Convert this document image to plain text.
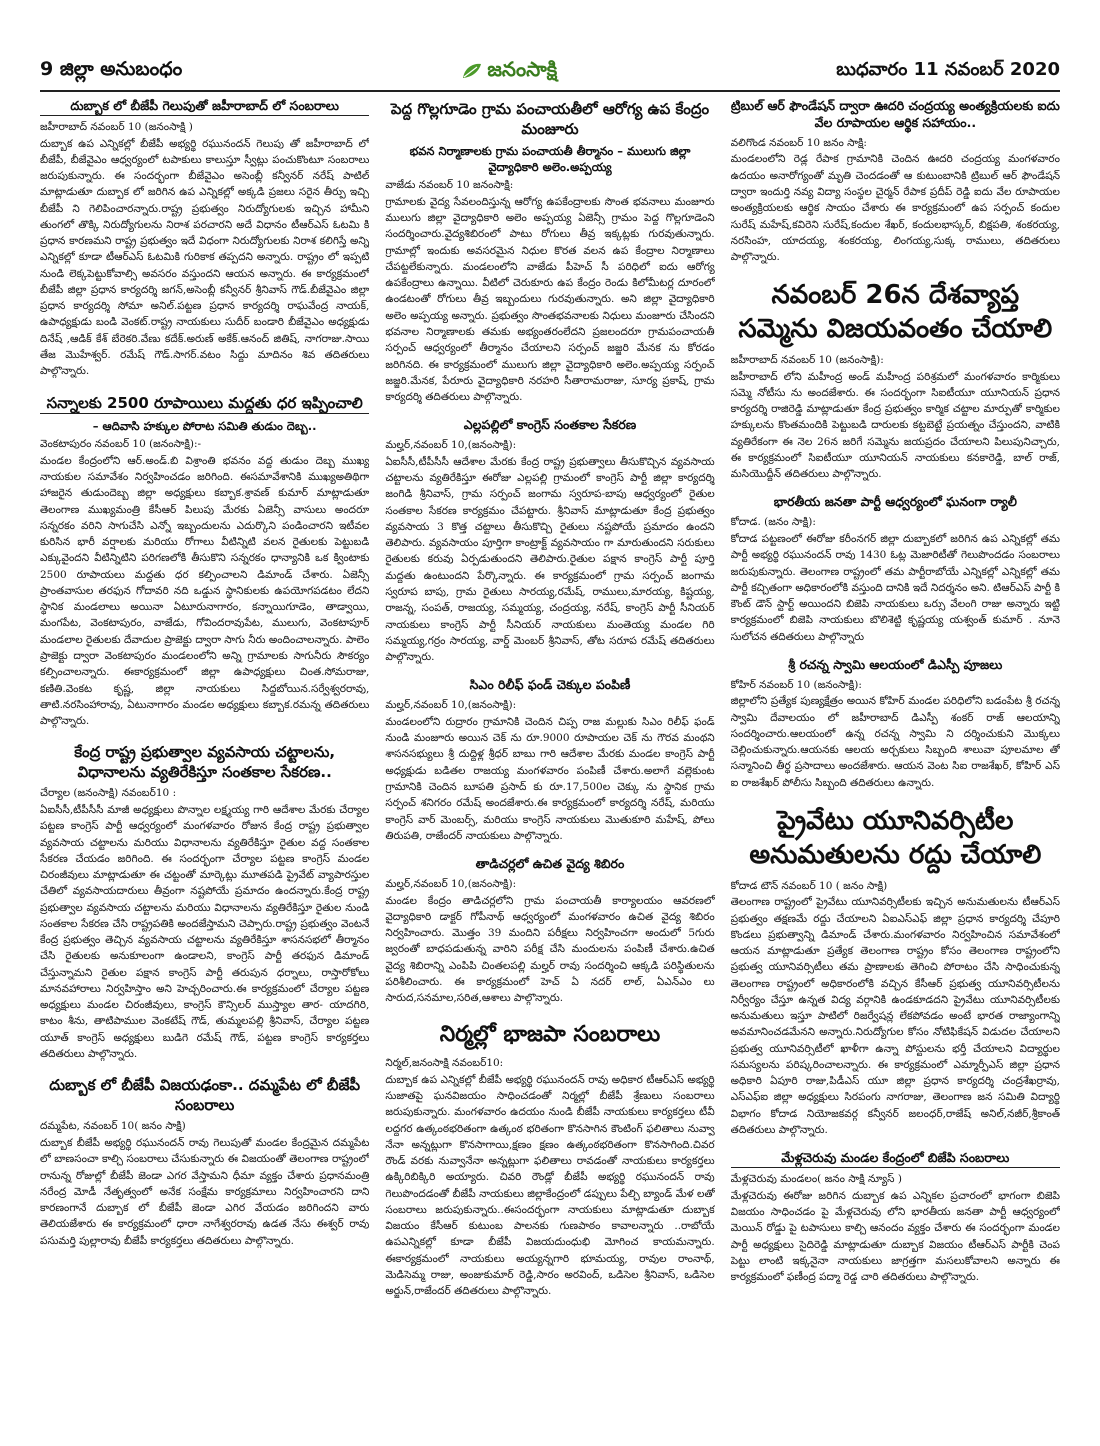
9 జిల్లా అనుబంధం	జనంసాక్షి	బుధవారం 11 నవంబర్ 2020
దుబ్బాక లో బీజేపీ గెలుపుతో జహీరాబాద్ లో సంబరాలు

జహీరాబాద్ నవంబర్ 10 (జనంసాక్షి )

దుబ్బాక ఉప ఎన్నికల్లో బీజేపీ అభ్యర్థి రఘునందన్ గెలుపు తో జహీరాబాద్ లో బీజేపీ, బీజేవైఎం ఆధ్వర్యంలో టపాకులు కాలుస్తూ స్వీట్లు పంచుకొంటూ సంబరాలు జరుపుకున్నారు. ఈ సందర్భంగా బీజేవైఎం అసెంబ్లీ కన్వీనర్ నరేష్ పాటిల్ మాట్లాడుతూ దుబ్బాక లో జరిగిన ఉప ఎన్నికల్లో అక్కడి ప్రజలు సరైన తీర్పు ఇచ్చి బీజేపీ ని గెలిపించారన్నారు.రాష్ట్ర ప్రభుత్వం నిరుద్యోగులకు ఇచ్చిన హామీని తుంగలో తొక్కి నిరుద్యోగులను నిరాశ పరచారని అదే విధానం టీఆర్ఎస్ ఓటమి కి ప్రధాన కారణమని రాష్ట్ర ప్రభుత్వం ఇదే విధంగా నిరుద్యోగులకు నిరాశ కలిగిస్తే అన్ని ఎన్నికల్లో కూడా టీఆర్ఎస్ ఓటమికి గురికాక తప్పదని అన్నారు. రాష్ట్రం లో ఇప్పటి నుండి లెక్కపెట్టుకోవాల్సి అవసరం వస్తుందని ఆయన అన్నారు. ఈ కార్యక్రమంలో బీజేపీ జిల్లా ప్రధాన కార్యదర్శి జగన్,అసెంబ్లీ కన్వీనర్ శ్రీనివాస్ గౌడ్.బీజేవైఎం జిల్లా ప్రధాన కార్యదర్శి సోమా అనిల్.పట్టణ ప్రధాన కార్యదర్శి రాఘవేంద్ర నాయక్, ఉపాధ్యక్షుడు బండి వెంకట్.రాష్ట్ర నాయకులు సుదీర్ బండారి బీజేవైఎం అధ్యక్షుడు దినేష్ ,ఆడిక్ కేశ్ బేరెకరి.వేణు కదేక్.అరుణ్ అకేక్.ఆనంద్ జితిష్, నాగరాజు.సాయి తేజ మొహేశ్వర్. రమేష్ గౌడ్.సాగర్.వటం సిద్దు మాదినం శివ తదితరులు పాల్గొన్నారు.

సన్నాలకు 2500 రూపాయిలు మద్దతు ధర ఇప్పించాలి
– ఆదివాసి హక్కుల పోరాట సమితి తుడుం దెబ్బ..

వెంకటాపురం నవంబర్ 10 (జనంసాక్షి):-

మండల కేంద్రంలోని ఆర్.అండ్.బి విశ్రాంతి భవనం వద్ద తుడుం దెబ్బ ముఖ్య నాయకుల సమావేశం నిర్వహించడం జరిగింది. ఈసమావేశానికి ముఖ్యఅతిథిగా హాజరైన తుడుందెబ్బ జిల్లా అధ్యక్షులు కబ్బాక.శ్రావణ్ కుమార్ మాట్లాడుతూ తెలంగాణ ముఖ్యమంత్రి కేసీఆర్ పిలుపు మేరకు ఏజెన్సీ వాసులు అందరూ సన్నరకం వరిని సాగుచేసి ఎన్నో ఇబ్బందులను ఎదుర్కొని పండించారని ఇటీవల కురిసిన భారీ వర్షాలకు మరియు రోగాలు వీటిన్నిటి వలన రైతులకు పెట్టుబడి ఎక్కువైందని వీటిన్నిటిని పరిగణలోకి తీసుకొని సన్నరకం ధాన్యానికి ఒక క్వింటాకు 2500 రూపాయలు మద్దతు ధర కల్పించాలని డిమాండ్ చేశారు. ఏజెన్సీ ప్రాంతవాసుల తరఫున గోదావరి నది ఒడ్డున స్థానికులకు ఉపయోగపడటం లేదని స్థానిక మండలాలు అయినా ఏటూరునాగారం, కన్నాయిగూడెం, తాడ్వాయి, మంగపేట, వెంకటాపురం, వాజేడు, గోవిందరావుపేట, ములుగు, వెంకటాపూర్ మండలాల రైతులకు దేవాదుల ప్రాజెక్టు ద్వారా సాగు నీరు అందించాలన్నారు. పాలెం ప్రాజెక్టు ద్వారా వెంకటాపురం మండలంలోని అన్ని గ్రామాలకు సాగునీరు సౌకర్యం కల్పించాలన్నారు. ఈకార్యక్రమంలో జిల్లా ఉపాధ్యక్షులు చింత.సోమరాజు, కణితి.వెంకట కృష్ణ, జిల్లా నాయకులు సిద్దబోయిన.సర్వేశ్వరరావు, తాటి.నరసింహారావు, ఏటునాగారం మండల అధ్యక్షులు కబ్బాక.రమన్న తదితరులు పాల్గొన్నారు.

కేంద్ర రాష్ట్ర ప్రభుత్వాల వ్యవసాయ చట్టాలను, విధానాలను వ్యతిరేకిస్తూ సంతకాల సేకరణ..

చేర్యాల (జనంసాక్షి) నవంబర్10 :

ఏఐసీసీ,టీపీసీసీ మాజీ అధ్యక్షులు పొన్నాల లక్ష్మయ్య గారి ఆదేశాల మేరకు చేర్యాల పట్టణ కాంగ్రెస్ పార్టీ ఆధ్వర్యంలో మంగళవారం రోజున కేంద్ర రాష్ట్ర ప్రభుత్వాల వ్యవసాయ చట్టాలను మరియు విధానాలను వ్యతిరేకిస్తూ రైతుల వద్ద సంతకాల సేకరణ చేయడం జరిగింది. ఈ సందర్భంగా చేర్యాల పట్టణ కాంగ్రెస్ మండల చిరంజీవులు మాట్లాడుతూ ఈ చట్టంతో మార్కెట్లు మూతపడి ప్రైవేట్ వ్యాపారస్తుల చేతిలో వ్యవసాయదారులు తీవ్రంగా నష్టపోయే ప్రమాదం ఉందన్నారు.కేంద్ర రాష్ట్ర ప్రభుత్వాల వ్యవసాయ చట్టాలను మరియు విధానాలను వ్యతిరేకిస్తూ రైతుల నుండి సంతకాల సేకరణ చేసి రాష్ట్రపతికి అందజేస్తామని చెప్పారు.రాష్ట్ర ప్రభుత్వం వెంటనే కేంద్ర ప్రభుత్వం తెచ్చిన వ్యవసాయ చట్టాలను వ్యతిరేకిస్తూ శాసనసభలో తీర్మానం చేసి రైతులకు అనుకూలంగా ఉండాలని, కాంగ్రెస్ పార్టీ తరఫున డిమాండ్ చేస్తున్నామని రైతుల పక్షాన కాంగ్రెస్ పార్టీ తరుపున ధర్నాలు, రాస్తారోకోలు మానవహారాలు నిర్వహిస్తాం అని హెచ్చరించారు.ఈ కార్యక్రమంలో చేర్యాల పట్టణ అధ్యక్షులు మండల చిరంజీవులు, కాంగ్రెస్ కౌన్సిలర్ ముస్త్యాల తార- యాదగిరి, కాటం శీను, తాటిపాముల వెంకటేష్ గౌడ్, తుమ్మలపల్లి శ్రీనివాస్, చేర్యాల పట్టణ యూత్ కాంగ్రెస్ అధ్యక్షులు బుడిగె రమేష్ గౌడ్, పట్టణ కాంగ్రెస్ కార్యకర్తలు తదితరులు పాల్గొన్నారు.

దుబ్బాక లో బీజేపీ విజయఢంకా.. దమ్మపేట లో బీజేపీ సంబరాలు

దమ్మపేట, నవంబర్ 10( జనం సాక్షి)

దుబ్బాక బీజేపీ అభ్యర్థి రఘునందన్ రావు గెలుపుతో మండల కేంద్రమైన దమ్మపేట లో బాణసంచా కాల్చి సంబరాలు చేసుకున్నారు ఈ విజయంతో తెలంగాణ రాష్ట్రంలో రానున్న రోజుల్లో బీజేపీ జెండా ఎగర వేస్తామని ధీమా వ్యక్తం చేశారు ప్రధానమంత్రి నరేంద్ర మోడీ నేతృత్వంలో అనేక సంక్షేమ కార్యక్రమాలు నిర్వహించారని దాని కారణంగానే దుబ్బాక లో బీజేపీ జెండా ఎగిర వేయడం జరిగిందని వారు తెలియజేశారు ఈ కార్యక్రమంలో ధారా నాగేశ్వరరావు ఉడత నేసు ఈశ్వర్ రావు పసుమర్తి పుల్లారావు బీజేపీ కార్యకర్తలు తదితరులు పాల్గొన్నారు.

పెద్ద గొల్లగూడెం గ్రామ పంచాయతీలో ఆరోగ్య ఉప కేంద్రం మంజూరు
భవన నిర్మాణాలకు గ్రామ పంచాయతీ తీర్మానం – ములుగు జిల్లా వైద్యాధికారి అలెం.అప్పయ్య

వాజేడు నవంబర్ 10 జనంసాక్షి:

గ్రామాలకు వైద్య సేవలందిస్తున్న ఆరోగ్య ఉపకేంద్రాలకు సొంత భవనాలు మంజూరు ములుగు జిల్లా వైద్యాధికారి అలెం అప్పయ్య ఏజెన్సీ గ్రామం పెద్ద గొల్లగూడెంని సందర్శించారు.వైద్యశిబిరంలో పాటు రోగులు తీవ్ర ఇక్కట్లకు గురవుతున్నారు. గ్రామాల్లో ఇందుకు అవసరమైన నిధుల కొరత వలన ఉప కేంద్రాల నిర్మాణాలు చేపట్టలేకున్నారు. మండలంలోని వాజేడు పీహెచ్ సీ పరిధిలో ఐదు ఆరోగ్య ఉపకేంద్రాలు ఉన్నాయి. వీటిలో చెరుకూరు ఉప కేంద్రం రెండు కిలోమీటర్ల దూరంలో ఉండటంతో రోగులు తీవ్ర ఇబ్బందులు గురవుతున్నారు. అని జిల్లా వైద్యాధికారి అలెం అప్పయ్య అన్నారు. ప్రభుత్వం సొంతభవనాలకు నిధులు మంజూరు చేసిందని భవనాల నిర్మాణాలకు తమకు అభ్యంతరంలేదని ప్రజలందరూ గ్రామపంచాయతీ సర్పంచ్ ఆధ్వర్యంలో తీర్మానం చేయాలని సర్పంచ్ జజ్జరి మేనక ను కోరడం జరిగినది. ఈ కార్యక్రమంలో ములుగు జిల్లా వైద్యాధికారి అలెం.అప్పయ్య సర్పంచ్ జజ్జరి.మేనక, పేరూరు వైద్యాధికారి నరహరి సీతారామరాజు, సూర్య ప్రకాష్, గ్రామ కార్యదర్శి తదితరులు పాల్గొన్నారు.

ఎల్లపల్లిలో కాంగ్రెస్ సంతకాల సేకరణ

మల్హర్,నవంబర్ 10,(జనంసాక్షి):

ఏఐసీసీ,టీపీసీసీ ఆదేశాల మేరకు కేంద్ర రాష్ట్ర ప్రభుత్వాలు తీసుకొచ్చిన వ్యవసాయ చట్టాలను వ్యతిరేకిస్తూ ఈరోజు ఎల్లపల్లి గ్రామంలో కాంగ్రెస్ పార్టీ జిల్లా కార్యదర్శి జంగిడి శ్రీనివాస్, గ్రామ సర్పంచ్ జంగామ స్వరూప-బాపు ఆధ్వర్యంలో రైతుల సంతకాల సేకరణ కార్యక్రమం చేపట్టారు. శ్రీనివాస్ మాట్లాడుతూ కేంద్ర ప్రభుత్వం వ్యవసాయ 3 కొత్త చట్టాలు తీసుకొచ్చి రైతులు నష్టపోయే ప్రమాదం ఉందని తెలిపారు. వ్యవసాయం పూర్తిగా కాంట్రాక్ట్ వ్యవసాయం గా మారుతుందని సరుకులు రైతులకు కరువు ఏర్పడుతుందని తెలిపారు.రైతుల పక్షాన కాంగ్రెస్ పార్టీ పూర్తి మద్దతు ఉంటుందని పేర్కొన్నారు. ఈ కార్యక్రమంలో గ్రామ సర్పంచ్ జంగామ స్వరూప బాపు, గ్రామ రైతులు సారయ్య,రమేష్, రాములు,మారయ్య, కిష్టయ్య, రాజన్న, సంపత్, రాజయ్య, సమ్మయ్య, చంద్రయ్య, నరేష్, కాంగ్రెస్ పార్టీ సీనియర్ నాయకులు కాంగ్రెస్ పార్టీ సీనియర్ నాయకులు మంతెయ్య మండల గిరి సమ్మయ్య,గర్రం సారయ్య, వార్డ్ మెంబర్ శ్రీనివాస్, తోట సరూప రమేష్ తదితరులు పాల్గొన్నారు.

సిఎం రిలీఫ్ ఫండ్ చెక్కుల పంపిణీ

మల్హర్,నవంబర్ 10,(జనంసాక్షి):

మండలంలోని రుద్రారం గ్రామానికి చెందిన చిప్ప రాజ మల్లుకు సిఎం రిలీఫ్ ఫండ్ నుండి మంజూరు అయిన చెక్ ను రూ.9000 రూపాయల చెక్ ను గౌరవ మంథని శాసనసభ్యులు శ్రీ దుద్దిళ్ల శ్రీధర్ బాబు గారి ఆదేశాల మేరకు మండల కాంగ్రెస్ పార్టీ అధ్యక్షుడు బడితల రాజయ్య మంగళవారం పంపిణీ చేశారు.అలాగే వల్లెకుంట గ్రామానికి చెందిన బూపతి ప్రసాద్ కు రూ.17,500ల చెక్కు ను స్థానిక గ్రామ సర్పంచ్ శనిగరం రమేష్ అందజేశారు.ఈ కార్యక్రమంలో కార్యదర్శి నరేష్, మరియు కాంగ్రెస్ వార్ మెంబర్స్, మరియు కాంగ్రెస్ నాయకులు మొతుకూరి మహేష్, పోలు తిరుపతి, రాజేందర్ నాయకులు పాల్గొన్నారు.

తాడిచర్లలో ఉచిత వైద్య శిబిరం

మల్హర్,నవంబర్ 10,(జనంసాక్షి):

మండల కేంద్రం తాడిచర్లలోని గ్రామ పంచాయతీ కార్యాలయం ఆవరణలో వైద్యాధికారి డాక్టర్ గోపీనాథ్ ఆధ్వర్యంలో మంగళవారం ఉచిత వైద్య శిబిరం నిర్వహించారు. మొత్తం 39 మందిని పరీక్షలు నిర్వహించగా అందులో 5గురు జ్వరంతో బాధపడుతున్న వారిని పరీక్ష చేసి మందులను పంపిణీ చేశారు.ఉచిత వైద్య శిబిరాన్ని ఎంపిపి చింతలపల్లి మల్హర్ రావు సందర్శించి ఆక్కడి పరిస్థితులను పరిశీలించారు. ఈ కార్యక్రమంలో హెచ్ ఏ నదర్ లాల్, ఏఎన్ఎం లు సారుద,సనమాల,సరిత,ఆశాలు పాల్గొన్నారు.

నిర్మల్లో భాజపా సంబరాలు

నిర్మల్,జనంసాక్షి నవంబర్10:

దుబ్బాక ఉప ఎన్నికల్లో బీజేపీ అభ్యర్థి రఘునందన్ రావు అధికార టీఆర్ఎస్ అభ్యర్థి సుజాతపై ఘనవిజయం సాధించడంతో నిర్మల్లో బీజేపీ శ్రేణులు సంబరాలు జరుపుకున్నారు. మంగళవారం ఉదయం నుండి బీజేపీ నాయకులు కార్యకర్తలు టీవీ లద్దగర ఉత్కంఠభరితంగా ఉత్కంఠ భరితంగా కొనసాగిన కౌంటింగ్ ఫలితాలు నువ్వా నేనా అన్నట్లుగా కొనసాగాయి,క్షణం క్షణం ఉత్కంఠభరితంగా కొనసాగింది.చివర రౌండ్ వరకు నువ్వానేనా అన్నట్లుగా ఫలితాలు రావడంతో నాయకులు కార్యకర్తలు ఉక్కిరిబిక్కిరి అయ్యారు. చివరి రౌండ్లో బీజేపీ అభ్యర్థి రఘునందన్ రావు గెలుపొందడంతో బీజేపీ నాయకులు జిల్లాకేంద్రంలో డప్పులు పేల్చి బ్యాండ్ మేళ లతో సంబరాలు జరుపుకున్నారు..ఈసందర్భంగా నాయకులు మాట్లాడుతూ దుబ్బాక విజయం కేసీఆర్ కుటుంబ పాలనకు గుణపాఠం కావాలన్నారు ..రాబోయే ఉపఎన్నికల్లో కూడా బీజేపీ విజయదుంధుభి మోగించ కాయమన్నారు. ఈకార్యక్రమంలో నాయకులు అయ్యన్నగారి భూమయ్య, రావుల రాంనాథ్, మెడిసెమ్మ రాజు, అంజుకుమార్ రెడ్డి,సారం అరవింద్, ఒడిసెల శ్రీనివాస్, ఒడిసెల అర్జున్,రాజేందర్ తదితరులు పాల్గొన్నారు.

ట్రిబుల్ ఆర్ ఫౌండేషన్ ద్వారా ఊదరి చంద్రయ్య అంత్యక్రియలకు ఐదు వేల రూపాయల ఆర్థిక సహాయం..

వలిగొండ నవంబర్ 10 జనం సాక్షి:

మండలంలోని రెడ్ల రేపాక గ్రామానికి చెందిన ఊదరి చంద్రయ్య మంగళవారం ఉదయం అనారోగ్యంతో మృతి చెందడంతో ఆ కుటుంబానికి ట్రిబుల్ ఆర్ ఫౌండేషన్ ద్వారా ఇందుర్తి నవ్య విద్యా సంస్థల చైర్మన్ రేపాక ప్రదీప్ రెడ్డి ఐదు వేల రూపాయల అంత్యక్రియలకు ఆర్థిక సాయం చేశారు ఈ కార్యక్రమంలో ఉప సర్పంచ్ కందుల సురేష్ మహేష్,కవిరెని సురేష్,కందుల శేఖర్, కందులభాస్కర్, బిక్షపతి, శంకరయ్య, నరసింహ, యాదయ్య, శంకరయ్య, లింగయ్య,సుక్క రాములు, తదితరులు పాల్గొన్నారు.

నవంబర్ 26న దేశవ్యాప్త సమ్మెను విజయవంతం చేయాలి

జహీరాబాద్ నవంబర్ 10 (జనంసాక్షి):

జహీరాబాద్ లోని మహీంద్ర అండ్ మహీంద్ర పరిశ్రమలో మంగళవారం కార్మికులు సమ్మె నోటీసు ను అందజేశారు. ఈ సందర్భంగా సిఐటీయూ యూనియన్ ప్రధాన కార్యదర్శి రాజిరెడ్డి మాట్లాడుతూ కేంద్ర ప్రభుత్వం కార్మిక చట్టాల మార్పుతో కార్మికుల హక్కులను కొంతమందికి పెట్టుబడి దారులకు కట్టబెట్టే ప్రయత్నం చేస్తుందని, వాటికి వ్యతిరేకంగా ఈ నెల 26న జరిగే సమ్మెను జయప్రదం చేయాలని పిలుపునిచ్చారు, ఈ కార్యక్రమంలో సిఐటీయూ యూనియన్ నాయకులు కనకారెడ్డి, బాల్ రాజ్, మసియొద్దీన్ తదితరులు పాల్గొన్నారు.

భారతీయ జనతా పార్టీ ఆధ్వర్యంలో ఘనంగా ర్యాలీ

కోదాడ. (జనం సాక్షి):

కోదాడ పట్టణంలో ఈరోజు కరీంనగర్ జిల్లా దుబ్బాకలో జరిగిన ఉప ఎన్నికల్లో తమ పార్టీ అభ్యర్థి రఘునందన్ రావు 1430 ఓట్ల మెజారిటీతో గెలుపొందడం సంబరాలు జరుపుకున్నారు. తెలంగాణ రాష్ట్రంలో తమ పార్టీరాబోయే ఎన్నికల్లో ఎన్నికల్లో తమ పార్టీ కచ్చితంగా అధికారంలోకి వస్తుంది దానికి ఇదే నిదర్శనం అని. టిఆర్ఎస్ పార్టీ కి కౌంట్ డౌన్ స్టార్ట్ అయిందని బిజెపి నాయకులు ఒర్సు వేలంగి రాజు అన్నారు ఇట్టి కార్యక్రమంలో బిజెపి నాయకులు బొలిశెట్టి కృష్ణయ్య యశ్వంత్ కుమార్ . నూనె సులోచన తదితరులు పాల్గొన్నారు

శ్రీ రచన్న స్వామి ఆలయంలో డిఎస్పీ పూజలు

కోహిర్ నవంబర్ 10 (జనంసాక్షి):

జిల్లాలోని ప్రత్యేక పుణ్యక్షేత్రం అయిన కోహిర్ మండల పరిధిలోని బడంపేట శ్రీ రచన్న స్వామి దేవాలయం లో జహీరాబాద్ డిఎస్పీ శంకర్ రాజ్ ఆలయాన్ని సందర్శించారు.ఆలయంలో ఉన్న రచన్న స్వామి ని దర్శించుకుని మొక్కలు చెల్లించుకున్నారు.ఆయనకు ఆలయ అర్చకులు సిబ్బంది శాలువా పూలమాల తో సన్మానించి తీర్థ ప్రసాదాలు అందజేశారు. ఆయన వెంట సిఐ రాజశేఖర్, కోహిర్ ఎస్ ఐ రాజశేఖర్ పోలీసు సిబ్బంది తదితరులు ఉన్నారు.

ప్రైవేటు యూనివర్సిటీల అనుమతులను రద్దు చేయాలి

కోదాడ టౌన్ నవంబర్ 10 ( జనం సాక్షి)

తెలంగాణ రాష్ట్రంలో ప్రైవేటు యూనివర్సిటీలకు ఇచ్చిన అనుమతులను టీఆర్ఎస్ ప్రభుత్వం తక్షణమే రద్దు చేయాలని ఏఐఎస్ఎఫ్ జిల్లా ప్రధాన కార్యదర్శి చేపూరి కొండలు ప్రభుత్వాన్ని డిమాండ్ చేశారు.మంగళవారం నిర్వహించిన సమావేశంలో ఆయన మాట్లాడుతూ ప్రత్యేక తెలంగాణ రాష్ట్రం కోసం తెలంగాణ రాష్ట్రంలోని ప్రభుత్వ యూనివర్సిటీలు తమ ప్రాణాలకు తెగించి పోరాటం చేసి సాధించుకున్న తెలంగాణ రాష్ట్రంలో అధికారంలోకి వచ్చిన కేసీఆర్ ప్రభుత్వ యూనివర్సిటీలను నిర్వీర్యం చేస్తూ ఉన్నత విద్య వర్గానికి ఉండకూడదని ప్రైవేటు యూనివర్సిటీలకు అనుమతులు ఇస్తూ పాటిలో రిజర్వేషన్ల లేకపోవడం అంటే భారత రాజ్యాంగాన్ని అవమానించడమేనని అన్నారు.నిరుద్యోగుల కోసం నోటిఫికేషన్ విడుదల చేయాలని ప్రభుత్వ యూనివర్సిటీలో ఖాళీగా ఉన్నా పోస్టులను భర్తీ చేయాలని విద్యార్థుల సమస్యలను పరిష్కరించాలన్నారు. ఈ కార్యక్రమంలో ఎమ్మార్పీఎస్ జిల్లా ప్రధాన అధికారి ఏపూరి రాజు,పిడీఎస్ యూ జిల్లా ప్రధాన కార్యదర్శి చంద్రశేఖర్రావు, ఎస్ఎఫ్ఐ జిల్లా అధ్యక్షులు సిరపంగు నాగరాజు, తెలంగాణ జన సమితి విద్యార్థి విభాగం కోదాడ నియోజకవర్గ కన్వీనర్ జలంధర్,రాజేష్ అనిల్,నజీర్,శ్రీకాంత్ తదితరులు పాల్గొన్నారు.

మేళ్లచెరువు మండల కేంద్రంలో బిజేపి సంబరాలు

మేళ్లచెరువు మండలం( జనం సాక్షి న్యూస్ )

మేళ్లచెరువు ఈరోజు జరిగిన దుబ్బాక ఉప ఎన్నికల ప్రచారంలో భాగంగా బిజెపి విజయం సాధించడం పై మేళ్లచెరువు లోని భారతీయ జనతా పార్టీ ఆధ్వర్యంలో మెయిన్ రోడ్డు పై టపాసులు కాల్చి ఆనందం వ్యక్తం చేశారు ఈ సందర్భంగా మండల పార్టీ అధ్యక్షులు సైదిరెడ్డి మాట్లాడుతూ దుబ్బాక విజయం టీఆర్ఎస్ పార్టీకి చెంప పెట్టు లాంటి ఇక్కనైనా నాయకులు జాగ్రత్తగా మసలుకోవాలని అన్నారు ఈ కార్యక్రమంలో ఫణీంద్ర పద్మా రెడ్డ చారి తదితరులు పాల్గొన్నారు.
